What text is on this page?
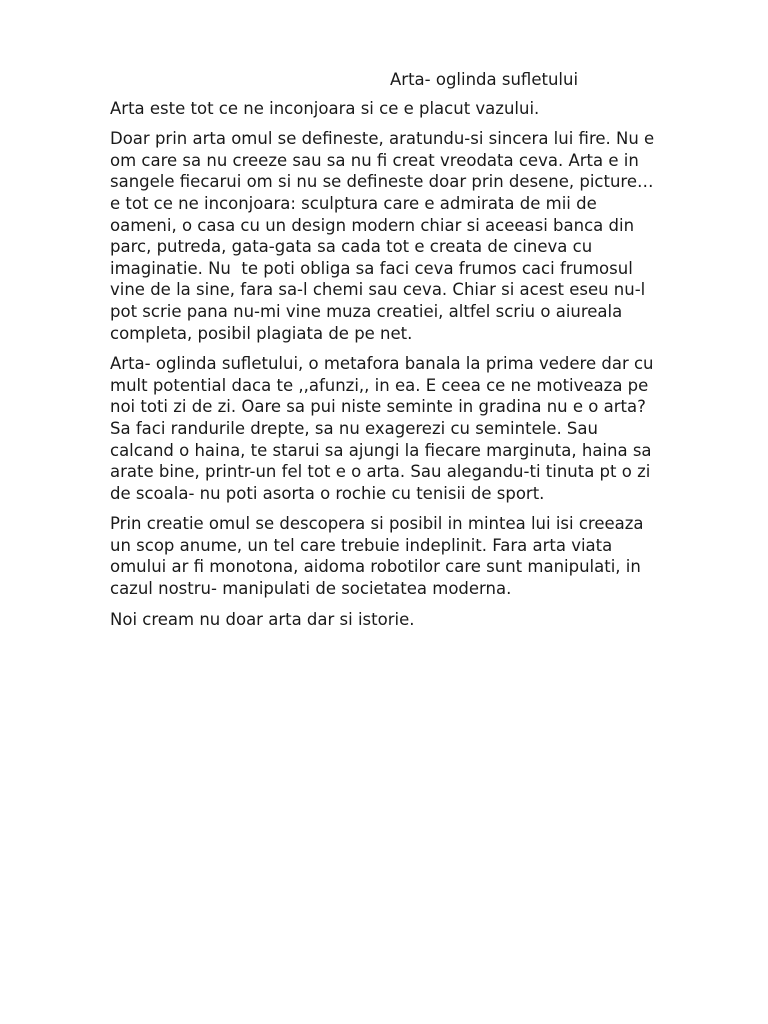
Arta- oglinda sufletului

Arta este tot ce ne inconjoara si ce e placut vazului.

Doar prin arta omul se defineste, aratundu-si sincera lui fire. Nu e
om care sa nu creeze sau sa nu fi creat vreodata ceva. Arta e in
sangele fiecarui om si nu se defineste doar prin desene, picture…
e tot ce ne inconjoara: sculptura care e admirata de mii de
oameni, o casa cu un design modern chiar si aceeasi banca din
parc, putreda, gata-gata sa cada tot e creata de cineva cu
imaginatie. Nu  te poti obliga sa faci ceva frumos caci frumosul
vine de la sine, fara sa-l chemi sau ceva. Chiar si acest eseu nu-l
pot scrie pana nu-mi vine muza creatiei, altfel scriu o aiureala
completa, posibil plagiata de pe net.

Arta- oglinda sufletului, o metafora banala la prima vedere dar cu
mult potential daca te ,,afunzi,, in ea. E ceea ce ne motiveaza pe
noi toti zi de zi. Oare sa pui niste seminte in gradina nu e o arta?
Sa faci randurile drepte, sa nu exagerezi cu semintele. Sau
calcand o haina, te starui sa ajungi la fiecare marginuta, haina sa
arate bine, printr-un fel tot e o arta. Sau alegandu-ti tinuta pt o zi
de scoala- nu poti asorta o rochie cu tenisii de sport.

Prin creatie omul se descopera si posibil in mintea lui isi creeaza
un scop anume, un tel care trebuie indeplinit. Fara arta viata
omului ar fi monotona, aidoma robotilor care sunt manipulati, in
cazul nostru- manipulati de societatea moderna.

Noi cream nu doar arta dar si istorie.
